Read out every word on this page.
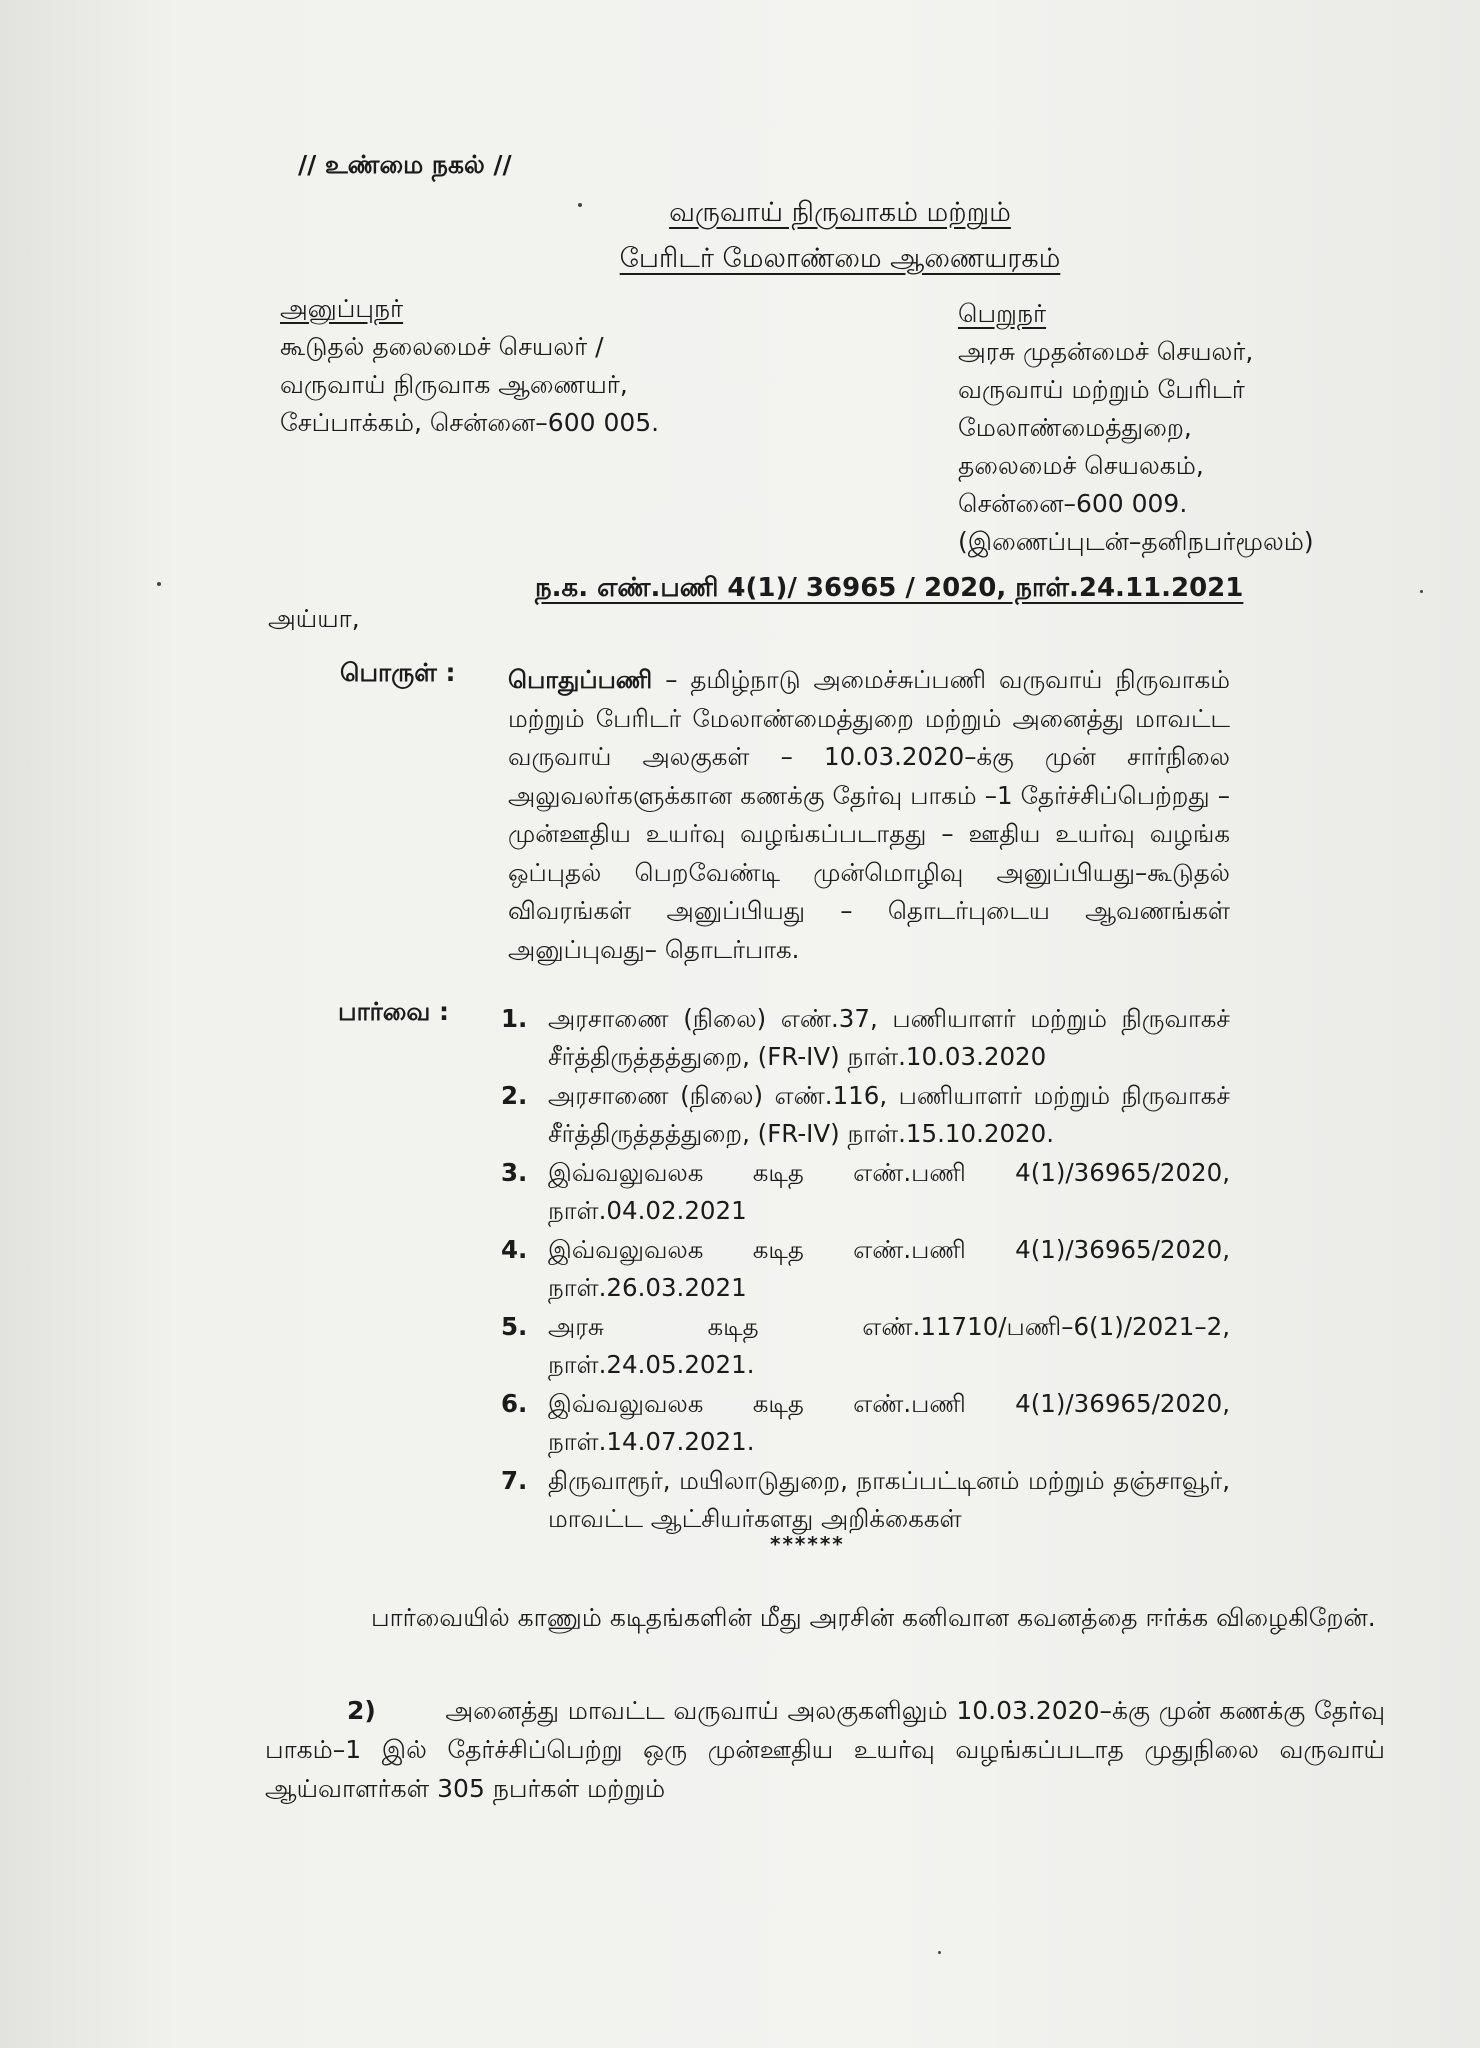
// உண்மை நகல் //
வருவாய் நிருவாகம் மற்றும்
பேரிடர் மேலாண்மை ஆணையரகம்
அனுப்புநர்
கூடுதல் தலைமைச் செயலர் /
வருவாய் நிருவாக ஆணையர்,
சேப்பாக்கம், சென்னை–600 005.
பெறுநர்
அரசு முதன்மைச் செயலர்,
வருவாய் மற்றும் பேரிடர்
மேலாண்மைத்துறை,
தலைமைச் செயலகம்,
சென்னை–600 009.
(இணைப்புடன்–தனிநபர்மூலம்)
ந.க. எண்.பணி 4(1)/ 36965 / 2020, நாள்.24.11.2021
அய்யா,
பொருள் : பொதுப்பணி – தமிழ்நாடு அமைச்சுப்பணி வருவாய் நிருவாகம் மற்றும் பேரிடர் மேலாண்மைத்துறை மற்றும் அனைத்து மாவட்ட வருவாய் அலகுகள் – 10.03.2020–க்கு முன் சார்நிலை அலுவலர்களுக்கான கணக்கு தேர்வு பாகம் –1 தேர்ச்சிப்பெற்றது – முன்ஊதிய உயர்வு வழங்கப்படாதது – ஊதிய உயர்வு வழங்க ஒப்புதல் பெறவேண்டி முன்மொழிவு அனுப்பியது–கூடுதல் விவரங்கள் அனுப்பியது – தொடர்புடைய ஆவணங்கள் அனுப்புவது– தொடர்பாக.
பார்வை : 1. அரசாணை (நிலை) எண்.37, பணியாளர் மற்றும் நிருவாகச் சீர்த்திருத்தத்துறை, (FR-IV) நாள்.10.03.2020
2. அரசாணை (நிலை) எண்.116, பணியாளர் மற்றும் நிருவாகச் சீர்த்திருத்தத்துறை, (FR-IV) நாள்.15.10.2020.
3. இவ்வலுவலக கடித எண்.பணி 4(1)/36965/2020, நாள்.04.02.2021
4. இவ்வலுவலக கடித எண்.பணி 4(1)/36965/2020, நாள்.26.03.2021
5. அரசு கடித எண்.11710/பணி–6(1)/2021–2, நாள்.24.05.2021.
6. இவ்வலுவலக கடித எண்.பணி 4(1)/36965/2020, நாள்.14.07.2021.
7. திருவாரூர், மயிலாடுதுறை, நாகப்பட்டினம் மற்றும் தஞ்சாவூர், மாவட்ட ஆட்சியர்களது அறிக்கைகள்
******
பார்வையில் காணும் கடிதங்களின் மீது அரசின் கனிவான கவனத்தை ஈர்க்க விழைகிறேன்.
2)	அனைத்து மாவட்ட வருவாய் அலகுகளிலும் 10.03.2020–க்கு முன் கணக்கு தேர்வு பாகம்–1 இல் தேர்ச்சிப்பெற்று ஒரு முன்ஊதிய உயர்வு வழங்கப்படாத முதுநிலை வருவாய் ஆய்வாளர்கள் 305 நபர்கள் மற்றும்
